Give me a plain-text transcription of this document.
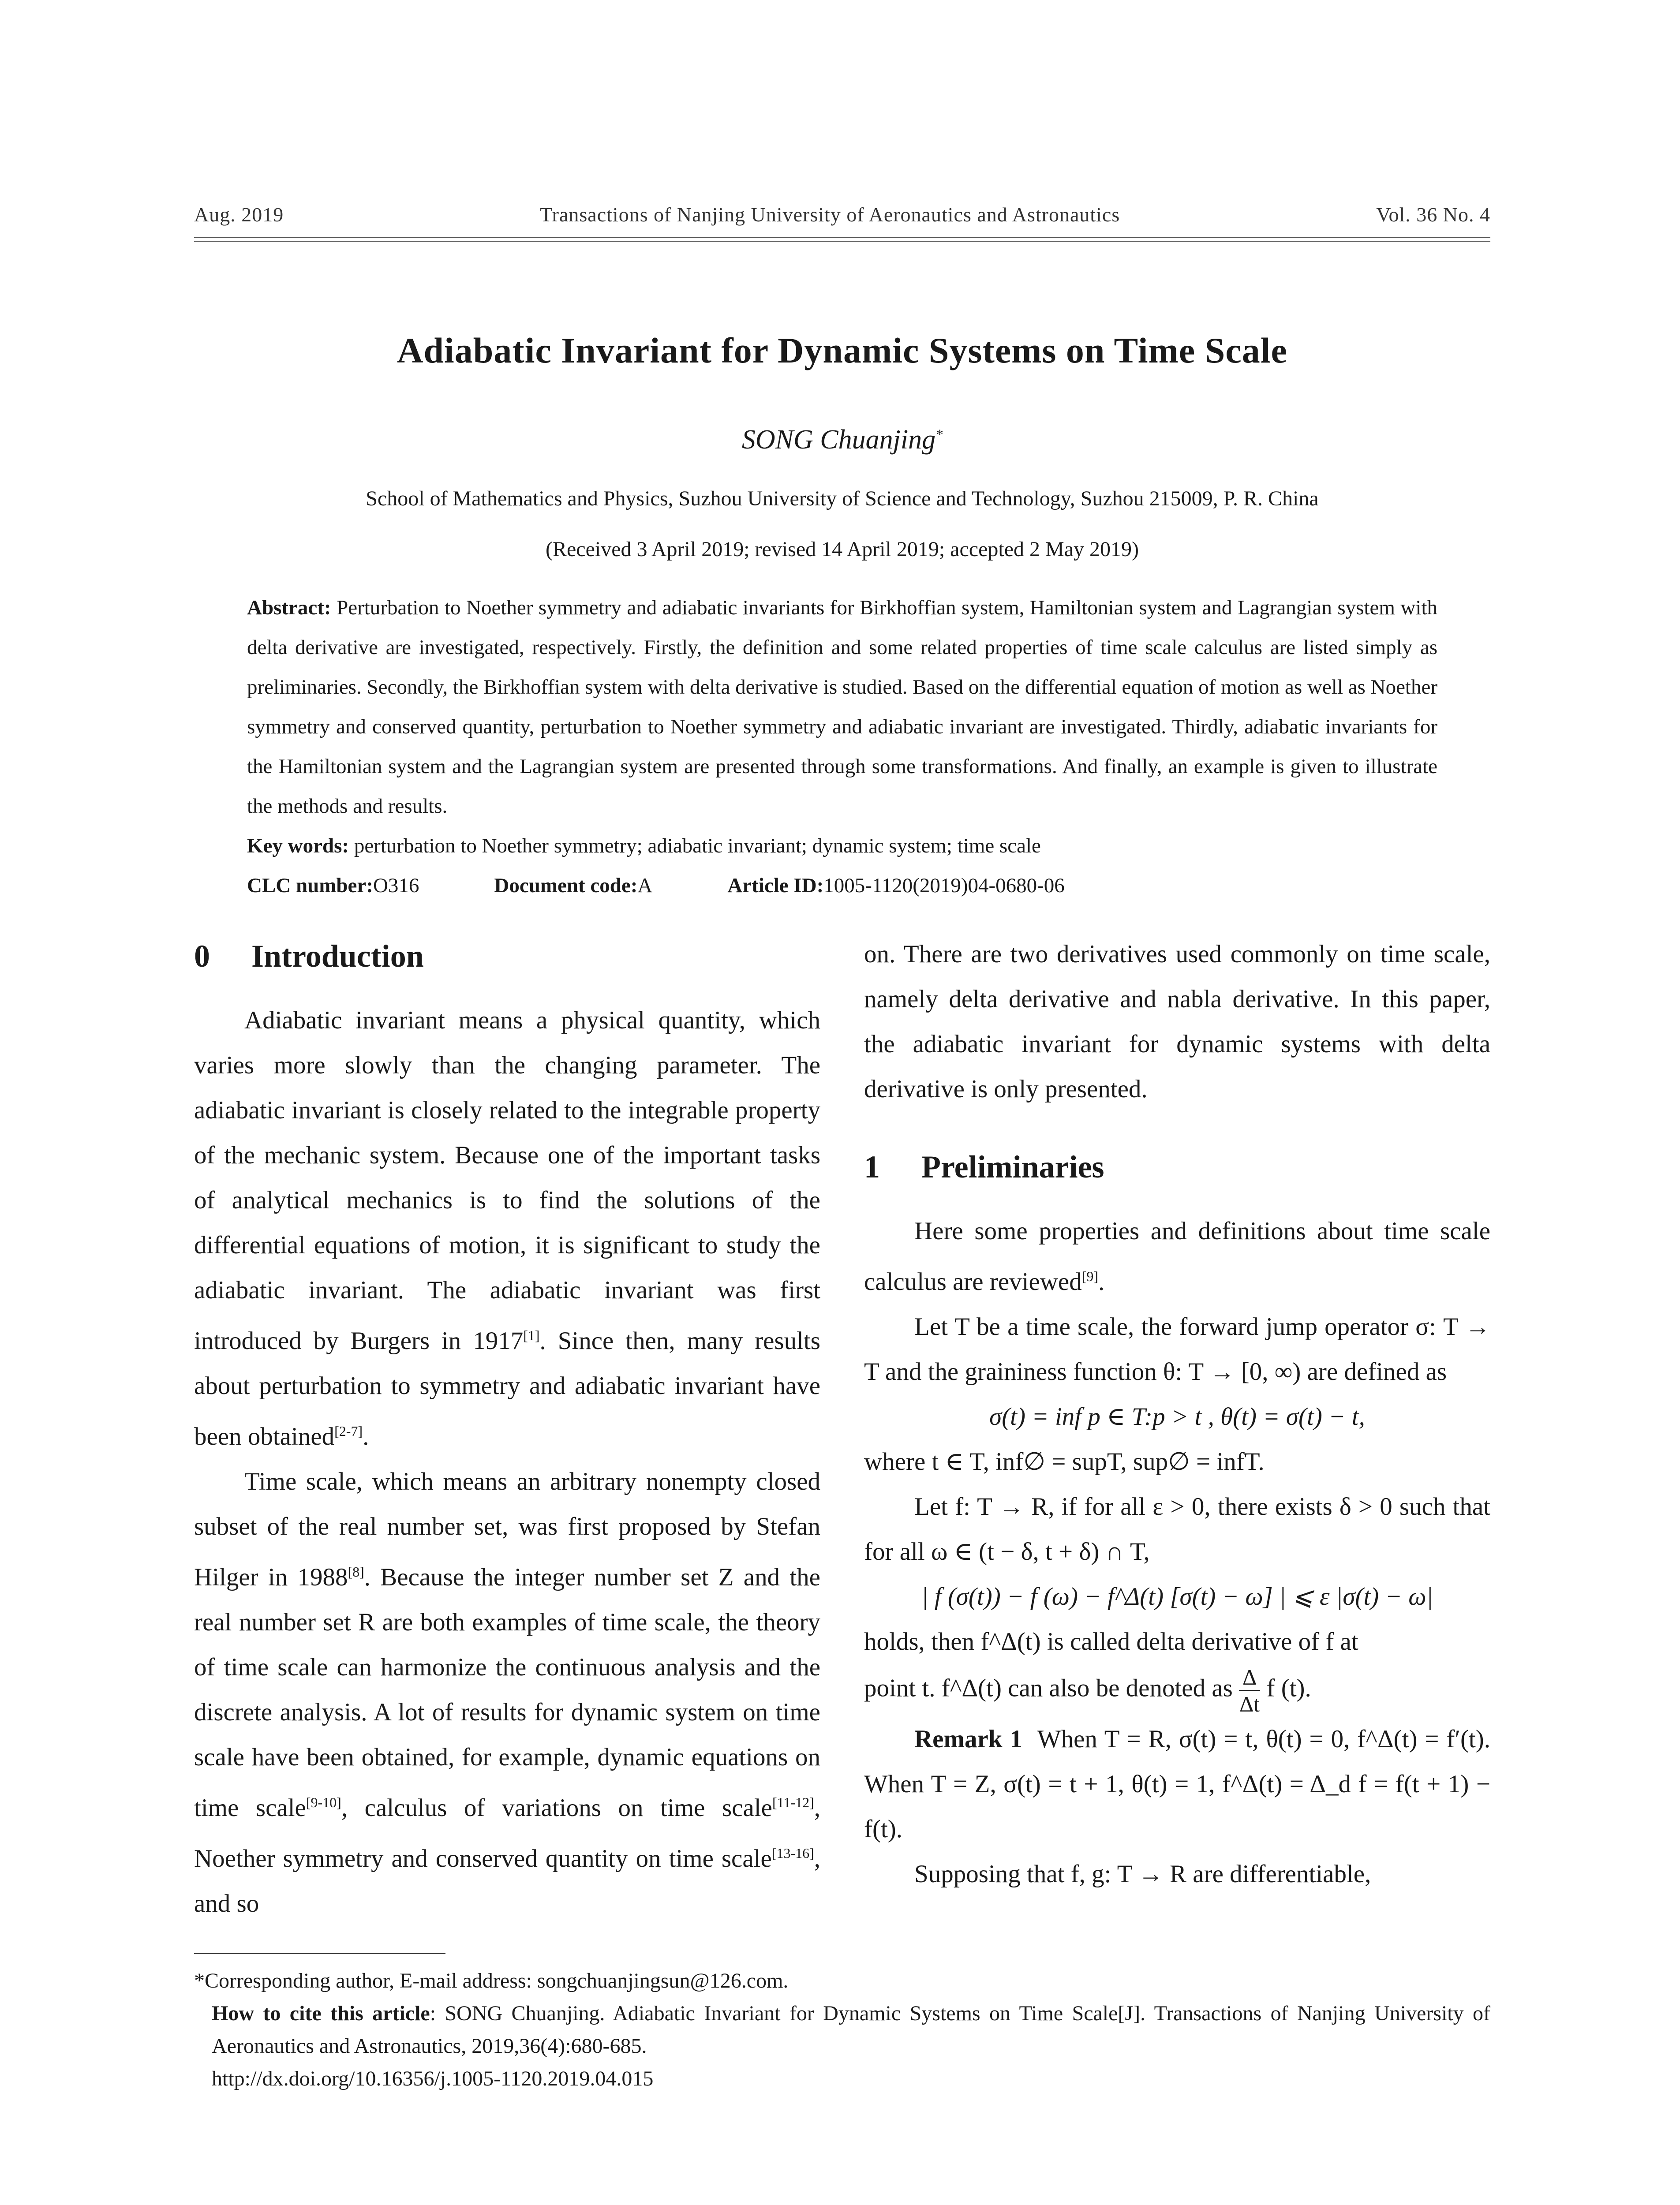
Aug. 2019	Transactions of Nanjing University of Aeronautics and Astronautics	Vol. 36 No. 4
Adiabatic Invariant for Dynamic Systems on Time Scale
SONG Chuanjing*
School of Mathematics and Physics, Suzhou University of Science and Technology, Suzhou 215009, P. R. China
(Received 3 April 2019; revised 14 April 2019; accepted 2 May 2019)
Abstract: Perturbation to Noether symmetry and adiabatic invariants for Birkhoffian system, Hamiltonian system and Lagrangian system with delta derivative are investigated, respectively. Firstly, the definition and some related properties of time scale calculus are listed simply as preliminaries. Secondly, the Birkhoffian system with delta derivative is studied. Based on the differential equation of motion as well as Noether symmetry and conserved quantity, perturbation to Noether symmetry and adiabatic invariant are investigated. Thirdly, adiabatic invariants for the Hamiltonian system and the Lagrangian system are presented through some transformations. And finally, an example is given to illustrate the methods and results.
Key words: perturbation to Noether symmetry; adiabatic invariant; dynamic system; time scale
CLC number:O316	Document code:A	Article ID:1005-1120(2019)04-0680-06
0 Introduction

Adiabatic invariant means a physical quantity, which varies more slowly than the changing parameter. The adiabatic invariant is closely related to the integrable property of the mechanic system. Because one of the important tasks of analytical mechanics is to find the solutions of the differential equations of motion, it is significant to study the adiabatic invariant. The adiabatic invariant was first introduced by Burgers in 1917[1]. Since then, many results about perturbation to symmetry and adiabatic invariant have been obtained[2-7].

Time scale, which means an arbitrary nonempty closed subset of the real number set, was first proposed by Stefan Hilger in 1988[8]. Because the integer number set Z and the real number set R are both examples of time scale, the theory of time scale can harmonize the continuous analysis and the discrete analysis. A lot of results for dynamic system on time scale have been obtained, for example, dynamic equations on time scale[9-10], calculus of variations on time scale[11-12], Noether symmetry and conserved quantity on time scale[13-16], and so

on. There are two derivatives used commonly on time scale, namely delta derivative and nabla derivative. In this paper, the adiabatic invariant for dynamic systems with delta derivative is only presented.

1 Preliminaries

Here some properties and definitions about time scale calculus are reviewed[9].

Let T be a time scale, the forward jump operator σ: T → T and the graininess function θ: T → [0, ∞) are defined as

σ(t) = inf p ∈ T:p > t , θ(t) = σ(t) − t,

where t ∈ T, inf∅ = supT, sup∅ = infT.

Let f: T → R, if for all ε > 0, there exists δ > 0 such that for all ω ∈ (t − δ, t + δ) ∩ T,

| f (σ(t)) − f (ω) − f^Δ(t) [σ(t) − ω] | ⩽ ε |σ(t) − ω|

holds, then f^Δ(t) is called delta derivative of f at

point t. f^Δ(t) can also be denoted as $\frac{\Delta}{\Delta t}$ f (t).

Remark 1 When T = R, σ(t) = t, θ(t) = 0, f^Δ(t) = f′(t). When T = Z, σ(t) = t + 1, θ(t) = 1, f^Δ(t) = Δ_d f = f(t + 1) − f(t).

Supposing that f, g: T → R are differentiable,

*Corresponding author, E-mail address: songchuanjingsun@126.com.
How to cite this article: SONG Chuanjing. Adiabatic Invariant for Dynamic Systems on Time Scale[J]. Transactions of Nanjing University of Aeronautics and Astronautics, 2019,36(4):680-685.
http://dx.doi.org/10.16356/j.1005-1120.2019.04.015
